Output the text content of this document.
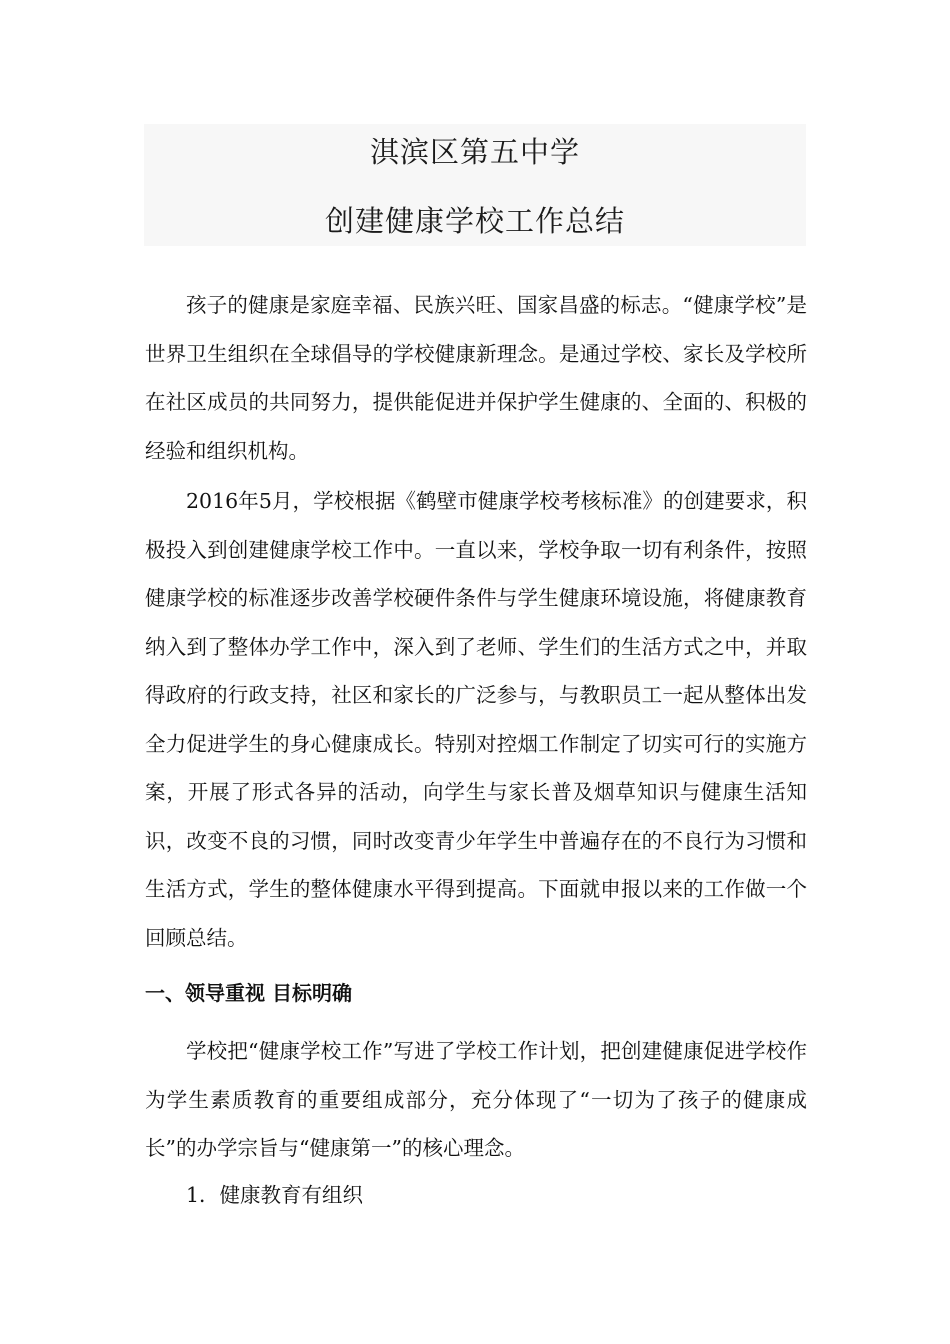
淇滨区第五中学
创建健康学校工作总结

孩子的健康是家庭幸福、民族兴旺、国家昌盛的标志。“健康学校”是世界卫生组织在全球倡导的学校健康新理念。是通过学校、家长及学校所在社区成员的共同努力，提供能促进并保护学生健康的、全面的、积极的经验和组织机构。

2016年5月，学校根据《鹤壁市健康学校考核标准》的创建要求，积极投入到创建健康学校工作中。一直以来，学校争取一切有利条件，按照健康学校的标准逐步改善学校硬件条件与学生健康环境设施，将健康教育纳入到了整体办学工作中，深入到了老师、学生们的生活方式之中，并取得政府的行政支持，社区和家长的广泛参与，与教职员工一起从整体出发全力促进学生的身心健康成长。特别对控烟工作制定了切实可行的实施方案，开展了形式各异的活动，向学生与家长普及烟草知识与健康生活知识，改变不良的习惯，同时改变青少年学生中普遍存在的不良行为习惯和生活方式，学生的整体健康水平得到提高。下面就申报以来的工作做一个回顾总结。

一、领导重视 目标明确

学校把“健康学校工作”写进了学校工作计划，把创建健康促进学校作为学生素质教育的重要组成部分，充分体现了“一切为了孩子的健康成长”的办学宗旨与“健康第一”的核心理念。

1．健康教育有组织
